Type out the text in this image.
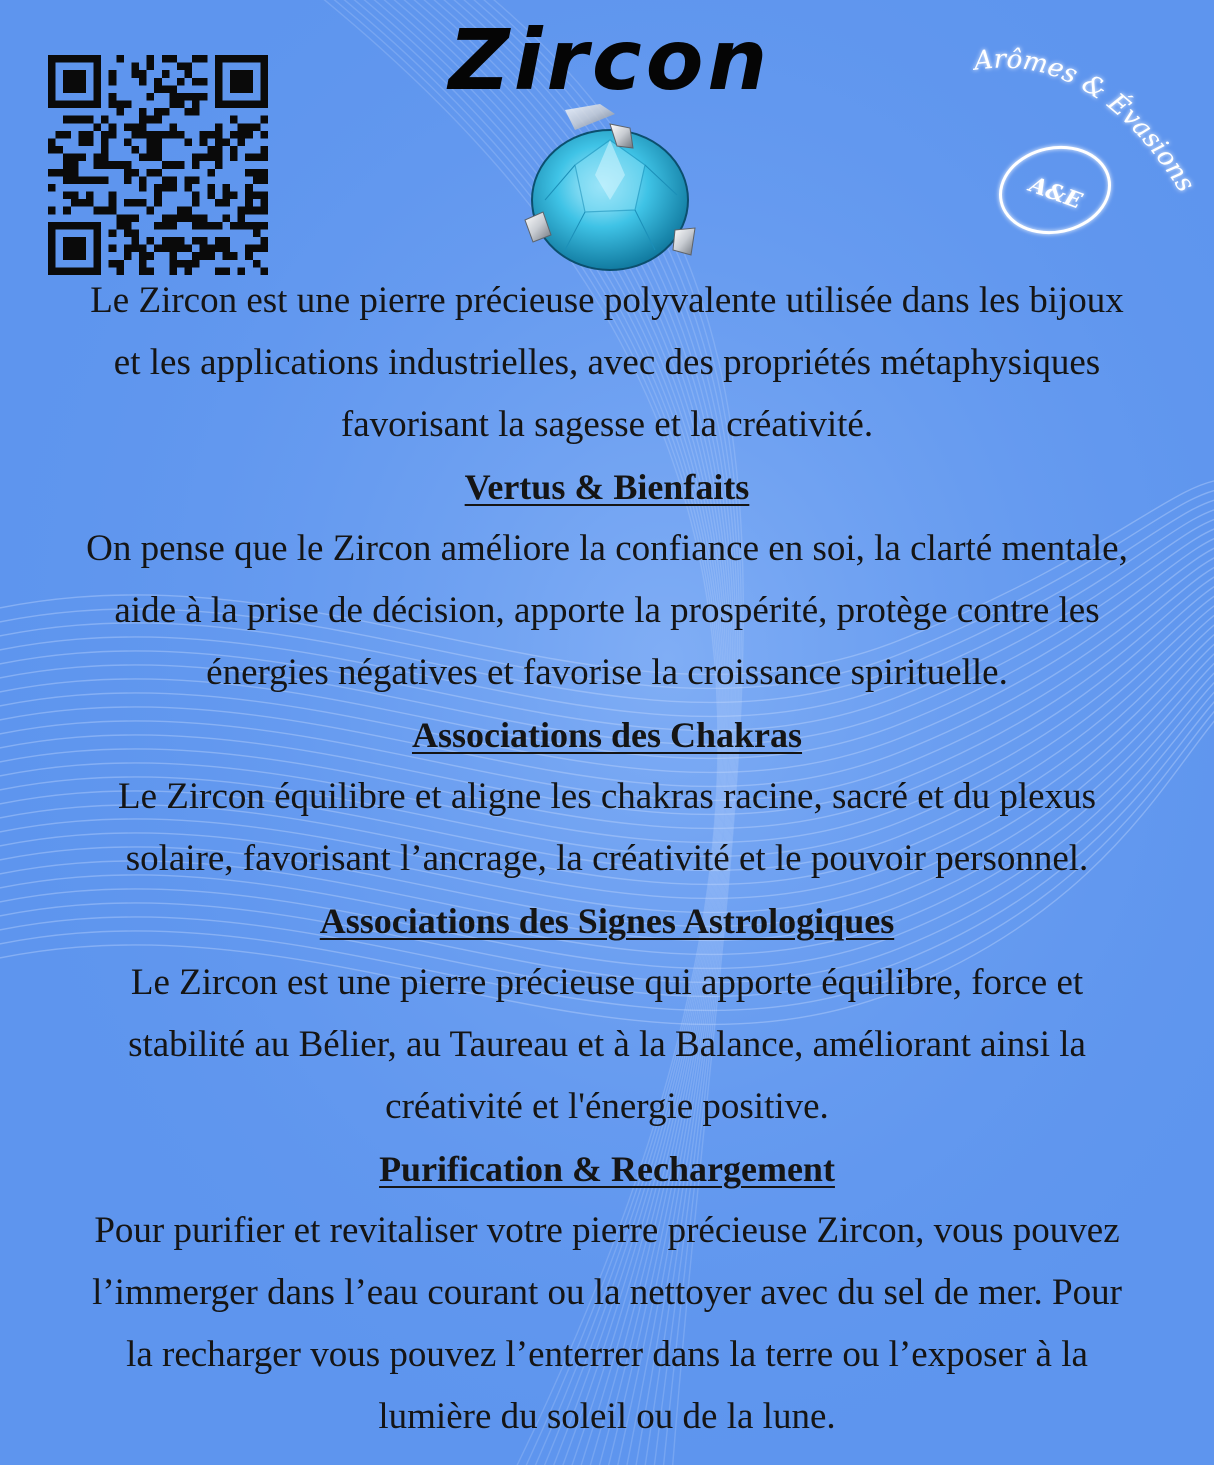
Zircon	Arômes & Évasions
A&E

Le Zircon est une pierre précieuse polyvalente utilisée dans les bijoux
et les applications industrielles, avec des propriétés métaphysiques
favorisant la sagesse et la créativité.

Vertus & Bienfaits

On pense que le Zircon améliore la confiance en soi, la clarté mentale,
aide à la prise de décision, apporte la prospérité, protège contre les
énergies négatives et favorise la croissance spirituelle.

Associations des Chakras

Le Zircon équilibre et aligne les chakras racine, sacré et du plexus
solaire, favorisant l’ancrage, la créativité et le pouvoir personnel.

Associations des Signes Astrologiques

Le Zircon est une pierre précieuse qui apporte équilibre, force et
stabilité au Bélier, au Taureau et à la Balance, améliorant ainsi la
créativité et l'énergie positive.

Purification & Rechargement

Pour purifier et revitaliser votre pierre précieuse Zircon, vous pouvez
l’immerger dans l’eau courant ou la nettoyer avec du sel de mer. Pour
la recharger vous pouvez l’enterrer dans la terre ou l’exposer à la
lumière du soleil ou de la lune.
